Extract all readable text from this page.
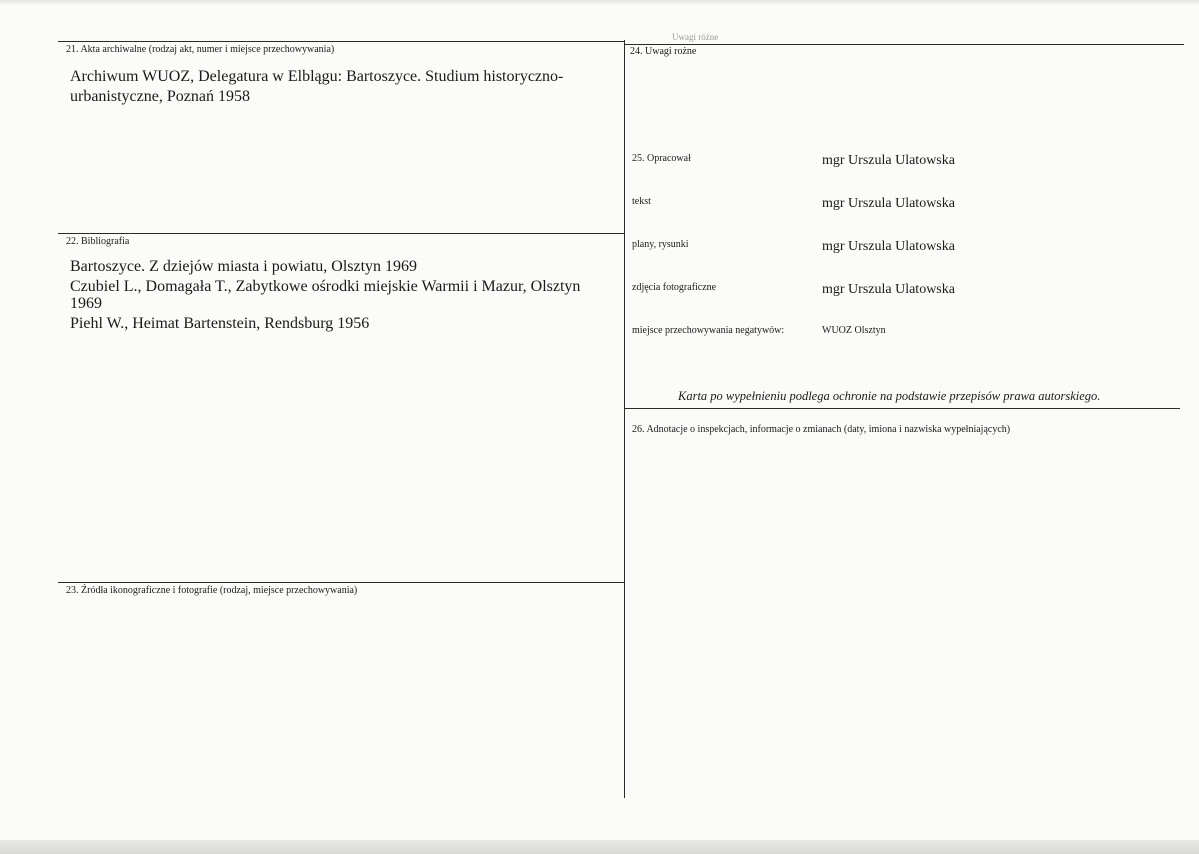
Uwagi różne
21. Akta archiwalne (rodzaj akt, numer i miejsce przechowywania)
Archiwum WUOZ, Delegatura w Elblągu: Bartoszyce. Studium historyczno-
urbanistyczne, Poznań 1958
22. Bibliografia
Bartoszyce. Z dziejów miasta i powiatu, Olsztyn 1969
Czubiel L., Domagała T., Zabytkowe ośrodki miejskie Warmii i Mazur, Olsztyn
1969
Piehl W., Heimat Bartenstein, Rendsburg 1956
23. Źródła ikonograficzne i fotografie (rodzaj, miejsce przechowywania)
24. Uwagi rożne
25. Opracował	mgr Urszula Ulatowska
tekst	mgr Urszula Ulatowska
plany, rysunki	mgr Urszula Ulatowska
zdjęcia fotograficzne	mgr Urszula Ulatowska
miejsce przechowywania negatywów:	WUOZ Olsztyn
Karta po wypełnieniu podlega ochronie na podstawie przepisów prawa autorskiego.
26. Adnotacje o inspekcjach, informacje o zmianach (daty, imiona i nazwiska wypełniających)
